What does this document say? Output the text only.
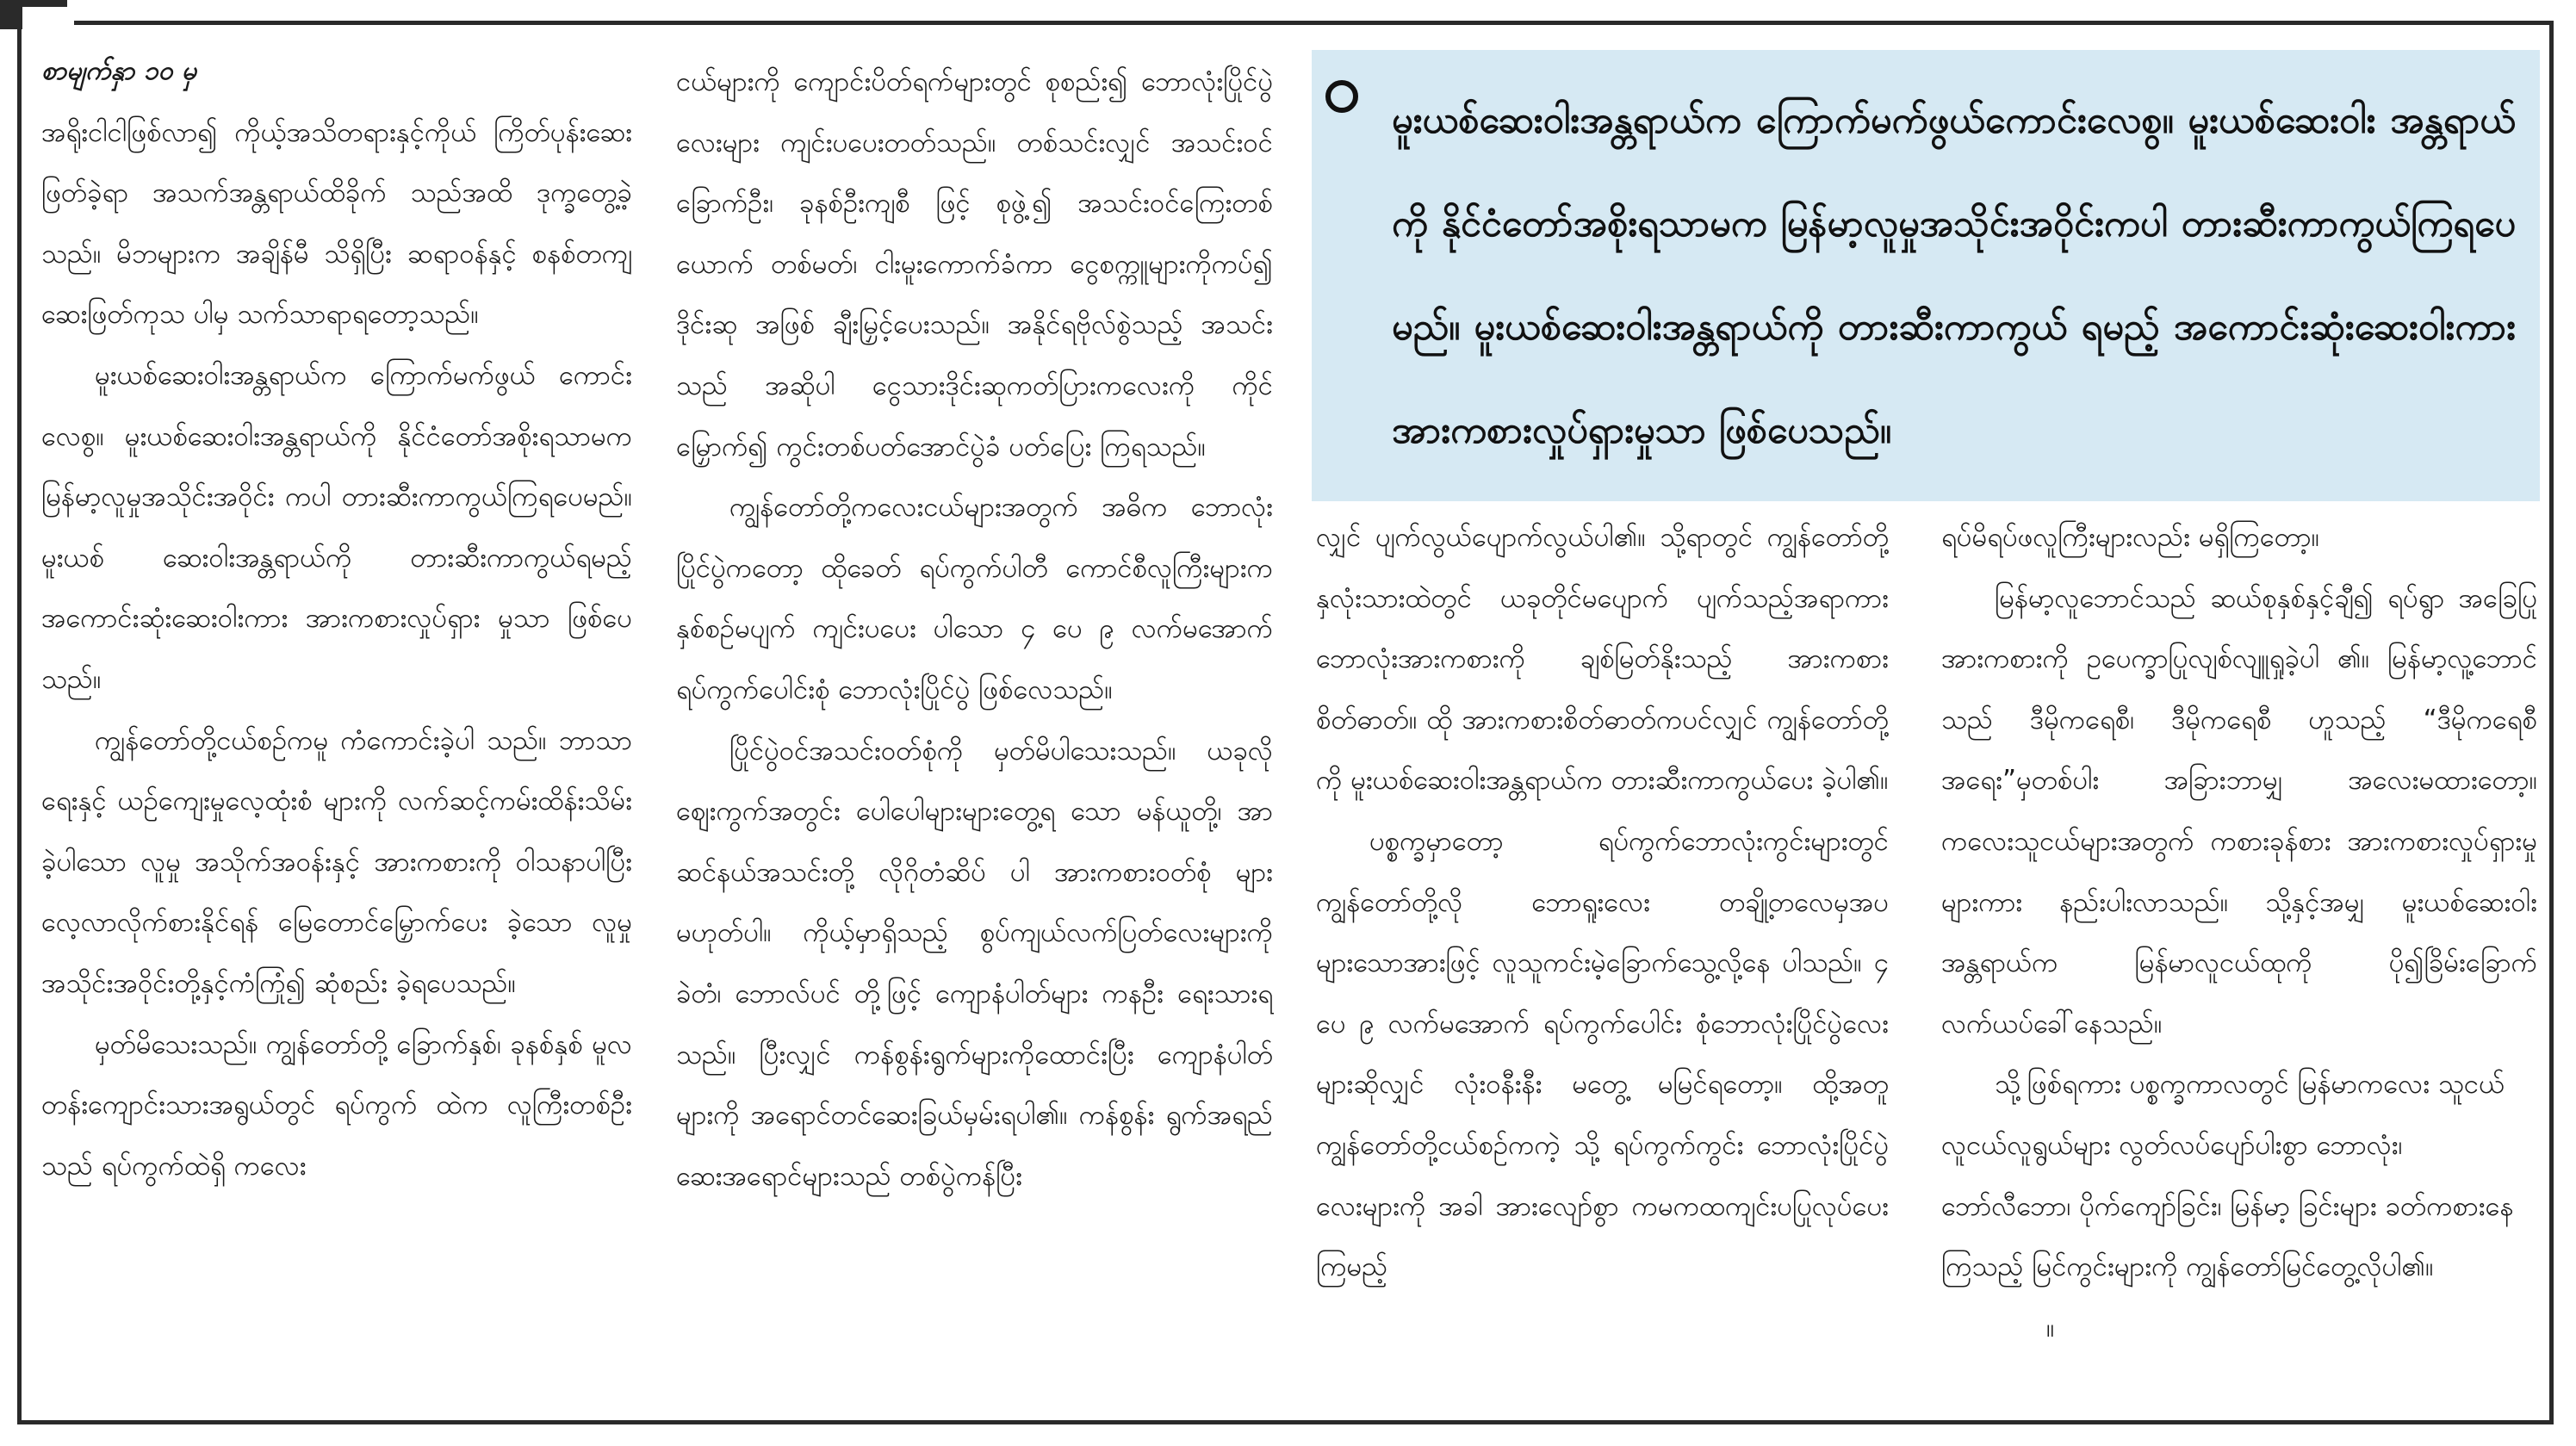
စာမျက်နှာ ၁၀ မှ

အရိုးငါငါဖြစ်လာ၍ ကိုယ့်အသိတရားနှင့်ကိုယ် ကြိတ်ပုန်းဆေးဖြတ်ခဲ့ရာ အသက်အန္တရာယ်ထိခိုက် သည်အထိ ဒုက္ခတွေ့ခဲ့သည်။ မိဘများက အချိန်မီ သိရှိပြီး ဆရာဝန်နှင့် စနစ်တကျ ဆေးဖြတ်ကုသ ပါမှ သက်သာရာရတော့သည်။

မူးယစ်ဆေးဝါးအန္တရာယ်က ကြောက်မက်ဖွယ် ကောင်းလေစွ။ မူးယစ်ဆေးဝါးအန္တရာယ်ကို နိုင်ငံတော်အစိုးရသာမက မြန်မာ့လူမှုအသိုင်းအဝိုင်း ကပါ တားဆီးကာကွယ်ကြရပေမည်။ မူးယစ် ဆေးဝါးအန္တရာယ်ကို တားဆီးကာကွယ်ရမည့် အကောင်းဆုံးဆေးဝါးကား အားကစားလှုပ်ရှား မှုသာ ဖြစ်ပေသည်။

ကျွန်တော်တို့ငယ်စဉ်ကမူ ကံကောင်းခဲ့ပါ သည်။ ဘာသာရေးနှင့် ယဉ်ကျေးမှုလေ့ထုံးစံ များကို လက်ဆင့်ကမ်းထိန်းသိမ်းခဲ့ပါသော လူမှု အသိုက်အဝန်းနှင့် အားကစားကို ဝါသနာပါပြီး လေ့လာလိုက်စားနိုင်ရန် မြေတောင်မြှောက်ပေး ခဲ့သော လူမှုအသိုင်းအဝိုင်းတို့နှင့်ကံကြုံ၍ ဆုံစည်း ခဲ့ရပေသည်။

မှတ်မိသေးသည်။ ကျွန်တော်တို့ ခြောက်နှစ်၊ ခုနစ်နှစ် မူလတန်းကျောင်းသားအရွယ်တွင် ရပ်ကွက် ထဲက လူကြီးတစ်ဦးသည် ရပ်ကွက်ထဲရှိ ကလေး

ငယ်များကို ကျောင်းပိတ်ရက်များတွင် စုစည်း၍ ဘောလုံးပြိုင်ပွဲလေးများ ကျင်းပပေးတတ်သည်။ တစ်သင်းလျှင် အသင်းဝင် ခြောက်ဦး၊ ခုနစ်ဦးကျစီ ဖြင့် စုဖွဲ့၍ အသင်းဝင်ကြေးတစ်ယောက် တစ်မတ်၊ ငါးမူးကောက်ခံကာ ငွေစက္ကူများကိုကပ်၍ ဒိုင်းဆု အဖြစ် ချီးမြှင့်ပေးသည်။ အနိုင်ရဗိုလ်စွဲသည့် အသင်း သည် အဆိုပါ ငွေသားဒိုင်းဆုကတ်ပြားကလေးကို ကိုင်မြှောက်၍ ကွင်းတစ်ပတ်အောင်ပွဲခံ ပတ်ပြေး ကြရသည်။

ကျွန်တော်တို့ကလေးငယ်များအတွက် အဓိက ဘောလုံးပြိုင်ပွဲကတော့ ထိုခေတ် ရပ်ကွက်ပါတီ ကောင်စီလူကြီးများက နှစ်စဉ်မပျက် ကျင်းပပေး ပါသော ၄ ပေ ၉ လက်မအောက် ရပ်ကွက်ပေါင်းစုံ ဘောလုံးပြိုင်ပွဲ ဖြစ်လေသည်။

ပြိုင်ပွဲဝင်အသင်းဝတ်စုံကို မှတ်မိပါသေးသည်။ ယခုလို ဈေးကွက်အတွင်း ပေါပေါများများတွေ့ရ သော မန်ယူတို့၊ အာဆင်နယ်အသင်းတို့ လိုဂိုတံဆိပ် ပါ အားကစားဝတ်စုံ များမဟုတ်ပါ။ ကိုယ့်မှာရှိသည့် စွပ်ကျယ်လက်ပြတ်လေးများကို ခဲတံ၊ ဘောလ်ပင် တို့ဖြင့် ကျောနံပါတ်များ ကနဦး ရေးသားရသည်။ ပြီးလျှင် ကန်စွန်းရွက်များကိုထောင်းပြီး ကျောနံပါတ် များကို အရောင်တင်ဆေးခြယ်မှမ်းရပါ၏။ ကန်စွန်း ရွက်အရည် ဆေးအရောင်များသည် တစ်ပွဲကန်ပြီး

မူးယစ်ဆေးဝါးအန္တရာယ်က ကြောက်မက်ဖွယ်ကောင်းလေစွ။ မူးယစ်ဆေးဝါး အန္တရာယ်ကို နိုင်ငံတော်အစိုးရသာမက မြန်မာ့လူမှုအသိုင်းအဝိုင်းကပါ တားဆီးကာကွယ်ကြရပေမည်။ မူးယစ်ဆေးဝါးအန္တရာယ်ကို တားဆီးကာကွယ် ရမည့် အကောင်းဆုံးဆေးဝါးကား အားကစားလှုပ်ရှားမှုသာ ဖြစ်ပေသည်။

လျှင် ပျက်လွယ်ပျောက်လွယ်ပါ၏။ သို့ရာတွင် ကျွန်တော်တို့ နှလုံးသားထဲတွင် ယခုတိုင်မပျောက် ပျက်သည့်အရာကား ဘောလုံးအားကစားကို ချစ်မြတ်နိုးသည့် အားကစားစိတ်ဓာတ်။ ထို အားကစားစိတ်ဓာတ်ကပင်လျှင် ကျွန်တော်တို့ကို မူးယစ်ဆေးဝါးအန္တရာယ်က တားဆီးကာကွယ်ပေး ခဲ့ပါ၏။

ပစ္စက္ခမှာတော့ ရပ်ကွက်ဘောလုံးကွင်းများတွင် ကျွန်တော်တို့လို ဘောရူးလေး တချို့တလေမှအပ များသောအားဖြင့် လူသူကင်းမဲ့ခြောက်သွေ့လို့နေ ပါသည်။ ၄ ပေ ၉ လက်မအောက် ရပ်ကွက်ပေါင်း စုံဘောလုံးပြိုင်ပွဲလေးများဆိုလျှင် လုံးဝနီးနီး မတွေ့ မမြင်ရတော့။ ထို့အတူ ကျွန်တော်တို့ငယ်စဉ်ကကဲ့ သို့ ရပ်ကွက်ကွင်း ဘောလုံးပြိုင်ပွဲလေးများကို အခါ အားလျော်စွာ ကမကထကျင်းပပြုလုပ်ပေးကြမည့်

ရပ်မိရပ်ဖလူကြီးများလည်း မရှိကြတော့။

မြန်မာ့လူဘောင်သည် ဆယ်စုနှစ်နှင့်ချီ၍ ရပ်ရွာ အခြေပြုအားကစားကို ဥပေက္ခာပြုလျစ်လျူရှုခဲ့ပါ ၏။ မြန်မာ့လူ့ဘောင်သည် ဒီမိုကရေစီ၊ ဒီမိုကရေစီ ဟူသည့် “ဒီမိုကရေစီအရေး”မှတစ်ပါး အခြားဘာမျှ အလေးမထားတော့။ ကလေးသူငယ်များအတွက် ကစားခုန်စား အားကစားလှုပ်ရှားမှုများကား နည်းပါးလာသည်။ သို့နှင့်အမျှ မူးယစ်ဆေးဝါး အန္တရာယ်က မြန်မာလူငယ်ထုကို ပို၍ခြိမ်းခြောက် လက်ယပ်ခေါ်နေသည်။

သို့ဖြစ်ရကား ပစ္စက္ခကာလတွင် မြန်မာကလေး သူငယ် လူငယ်လူရွယ်များ လွတ်လပ်ပျော်ပါးစွာ ဘောလုံး၊ ဘော်လီဘော၊ ပိုက်ကျော်ခြင်း၊ မြန်မာ့ ခြင်းများ ခတ်ကစားနေကြသည့် မြင်ကွင်းများကို ကျွန်တော်မြင်တွေ့လိုပါ၏။။
